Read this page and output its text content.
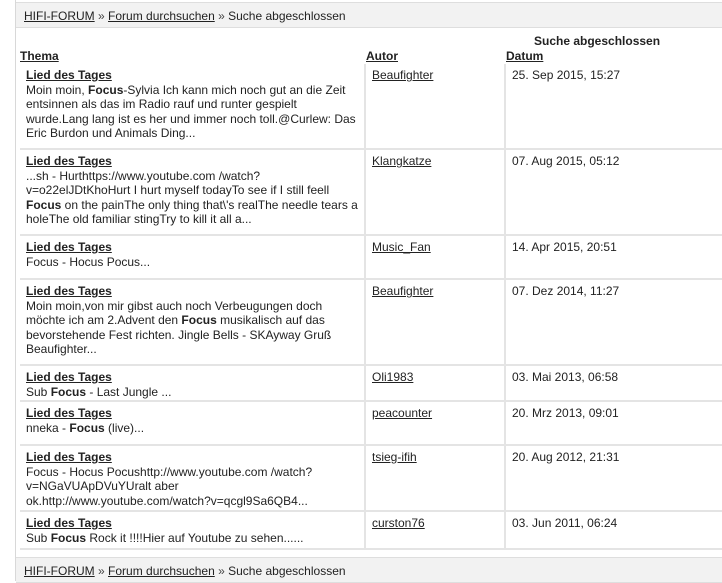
HIFI-FORUM » Forum durchsuchen » Suche abgeschlossen
Suche abgeschlossen
Thema	Autor	Datum
Lied des Tages
Moin moin, Focus-Sylvia Ich kann mich noch gut an die Zeit entsinnen als das im Radio rauf und runter gespielt wurde.Lang lang ist es her und immer noch toll.@Curlew: Das Eric Burdon und Animals Ding...
Beaufighter	25. Sep 2015, 15:27
Lied des Tages
...sh - Hurthttps://www.youtube.com /watch?v=o22elJDtKhoHurt I hurt myself todayTo see if I still feell Focus on the painThe only thing that\'s realThe needle tears a holeThe old familiar stingTry to kill it all a...
Klangkatze	07. Aug 2015, 05:12
Lied des Tages
Focus - Hocus Pocus...
Music_Fan	14. Apr 2015, 20:51
Lied des Tages
Moin moin,von mir gibst auch noch Verbeugungen doch möchte ich am 2.Advent den Focus musikalisch auf das bevorstehende Fest richten. Jingle Bells - SKAyway Gruß Beaufighter...
Beaufighter	07. Dez 2014, 11:27
Lied des Tages
Sub Focus - Last Jungle ...
Oli1983	03. Mai 2013, 06:58
Lied des Tages
nneka - Focus (live)...
peacounter	20. Mrz 2013, 09:01
Lied des Tages
Focus - Hocus Pocushttp://www.youtube.com /watch?v=NGaVUApDVuYUralt aber ok.http://www.youtube.com/watch?v=qcgl9Sa6QB4...
tsieg-ifih	20. Aug 2012, 21:31
Lied des Tages
Sub Focus Rock it !!!!Hier auf Youtube zu sehen......
curston76	03. Jun 2011, 06:24
HIFI-FORUM » Forum durchsuchen » Suche abgeschlossen
